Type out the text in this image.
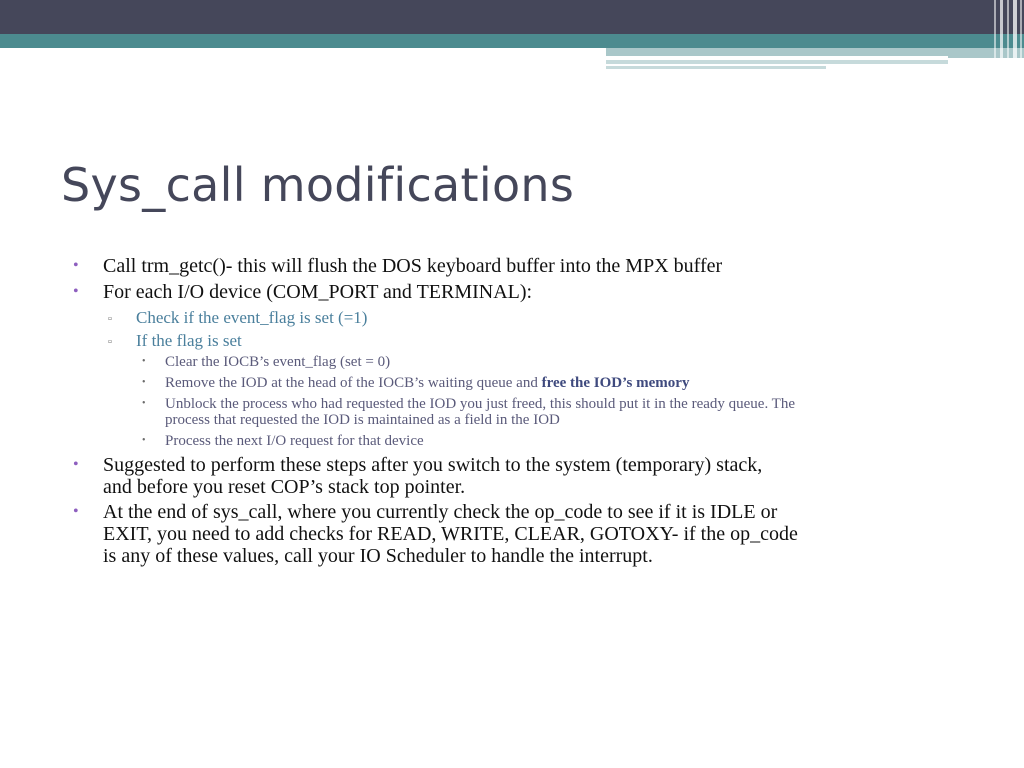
Sys_call modifications
• Call trm_getc()- this will flush the DOS keyboard buffer into the MPX buffer
• For each I/O device (COM_PORT and TERMINAL):
▫ Check if the event_flag is set (=1)
▫ If the flag is set
• Clear the IOCB’s event_flag (set = 0)
• Remove the IOD at the head of the IOCB’s waiting queue and free the IOD’s memory
• Unblock the process who had requested the IOD you just freed, this should put it in the ready queue. The
process that requested the IOD is maintained as a field in the IOD
• Process the next I/O request for that device
• Suggested to perform these steps after you switch to the system (temporary) stack,
and before you reset COP’s stack top pointer.
• At the end of sys_call, where you currently check the op_code to see if it is IDLE or
EXIT, you need to add checks for READ, WRITE, CLEAR, GOTOXY- if the op_code
is any of these values, call your IO Scheduler to handle the interrupt.
